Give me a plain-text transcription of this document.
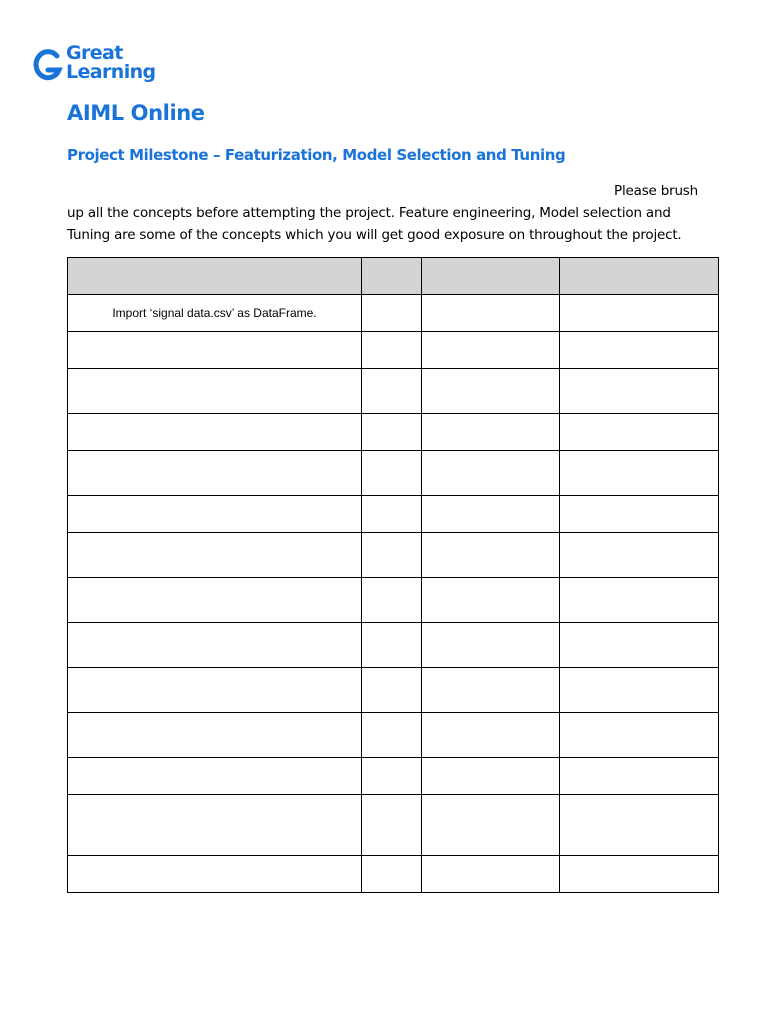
Great
Learning
AIML Online
Project Milestone – Featurization, Model Selection and Tuning
Please brush
up all the concepts before attempting the project. Feature engineering, Model selection and
Tuning are some of the concepts which you will get good exposure on throughout the project.

Import ‘signal data.csv’ as DataFrame.			
